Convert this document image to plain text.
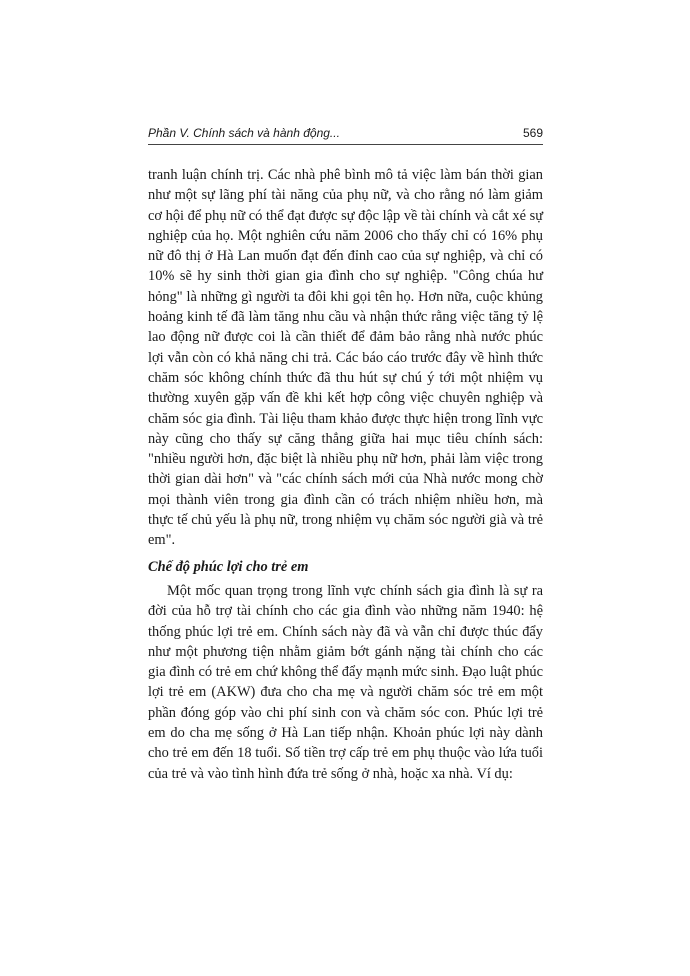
Phần V. Chính sách và hành động...	569

tranh luận chính trị. Các nhà phê bình mô tả việc làm bán thời gian như một sự lãng phí tài năng của phụ nữ, và cho rằng nó làm giảm cơ hội để phụ nữ có thể đạt được sự độc lập về tài chính và cắt xé sự nghiệp của họ. Một nghiên cứu năm 2006 cho thấy chỉ có 16% phụ nữ đô thị ở Hà Lan muốn đạt đến đỉnh cao của sự nghiệp, và chỉ có 10% sẽ hy sinh thời gian gia đình cho sự nghiệp. "Công chúa hư hỏng" là những gì người ta đôi khi gọi tên họ. Hơn nữa, cuộc khủng hoảng kinh tế đã làm tăng nhu cầu và nhận thức rằng việc tăng tỷ lệ lao động nữ được coi là cần thiết để đảm bảo rằng nhà nước phúc lợi vẫn còn có khả năng chi trả. Các báo cáo trước đây về hình thức chăm sóc không chính thức đã thu hút sự chú ý tới một nhiệm vụ thường xuyên gặp vấn đề khi kết hợp công việc chuyên nghiệp và chăm sóc gia đình. Tài liệu tham khảo được thực hiện trong lĩnh vực này cũng cho thấy sự căng thẳng giữa hai mục tiêu chính sách: "nhiều người hơn, đặc biệt là nhiều phụ nữ hơn, phải làm việc trong thời gian dài hơn" và "các chính sách mới của Nhà nước mong chờ mọi thành viên trong gia đình cần có trách nhiệm nhiều hơn, mà thực tế chủ yếu là phụ nữ, trong nhiệm vụ chăm sóc người già và trẻ em".

Chế độ phúc lợi cho trẻ em

Một mốc quan trọng trong lĩnh vực chính sách gia đình là sự ra đời của hỗ trợ tài chính cho các gia đình vào những năm 1940: hệ thống phúc lợi trẻ em. Chính sách này đã và vẫn chỉ được thúc đẩy như một phương tiện nhằm giảm bớt gánh nặng tài chính cho các gia đình có trẻ em chứ không thể đẩy mạnh mức sinh. Đạo luật phúc lợi trẻ em (AKW) đưa cho cha mẹ và người chăm sóc trẻ em một phần đóng góp vào chi phí sinh con và chăm sóc con. Phúc lợi trẻ em do cha mẹ sống ở Hà Lan tiếp nhận. Khoản phúc lợi này dành cho trẻ em đến 18 tuổi. Số tiền trợ cấp trẻ em phụ thuộc vào lứa tuổi của trẻ và vào tình hình đứa trẻ sống ở nhà, hoặc xa nhà. Ví dụ:
